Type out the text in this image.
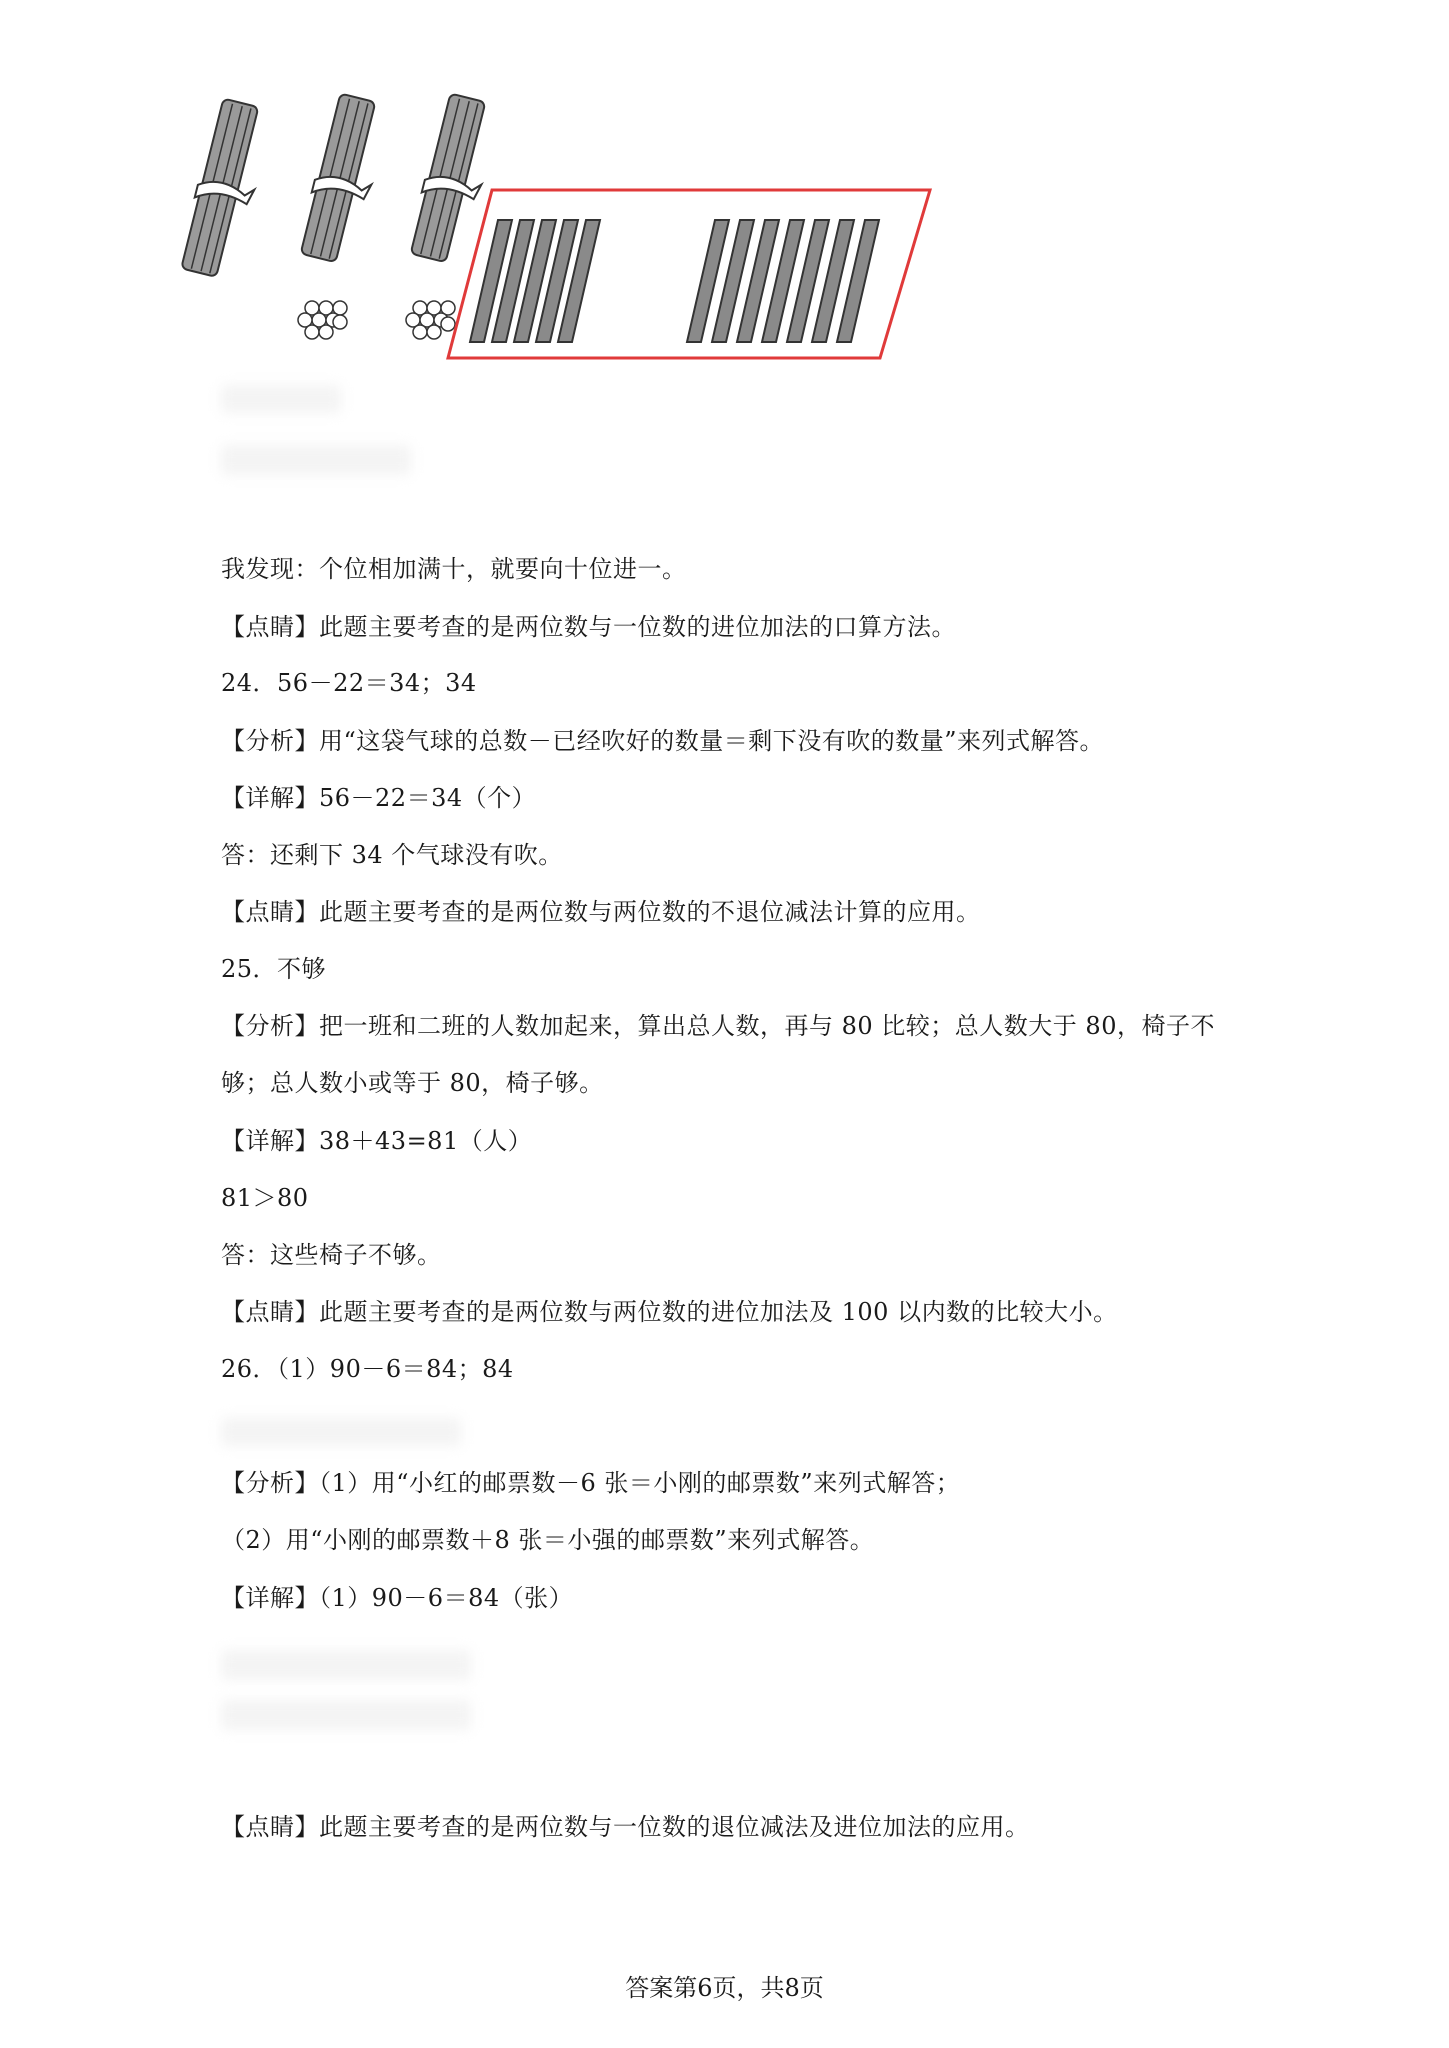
我发现：个位相加满十，就要向十位进一。
【点睛】此题主要考查的是两位数与一位数的进位加法的口算方法。
24．56－22＝34；34
【分析】用“这袋气球的总数－已经吹好的数量＝剩下没有吹的数量”来列式解答。
【详解】56－22＝34（个）
答：还剩下 34 个气球没有吹。
【点睛】此题主要考查的是两位数与两位数的不退位减法计算的应用。
25．不够
【分析】把一班和二班的人数加起来，算出总人数，再与 80 比较；总人数大于 80，椅子不
够；总人数小或等于 80，椅子够。
【详解】38＋43=81（人）
81＞80
答：这些椅子不够。
【点睛】此题主要考查的是两位数与两位数的进位加法及 100 以内数的比较大小。
26．（1）90－6＝84；84
【分析】（1）用“小红的邮票数－6 张＝小刚的邮票数”来列式解答；
（2）用“小刚的邮票数＋8 张＝小强的邮票数”来列式解答。
【详解】（1）90－6＝84（张）
【点睛】此题主要考查的是两位数与一位数的退位减法及进位加法的应用。
答案第6页，共8页
